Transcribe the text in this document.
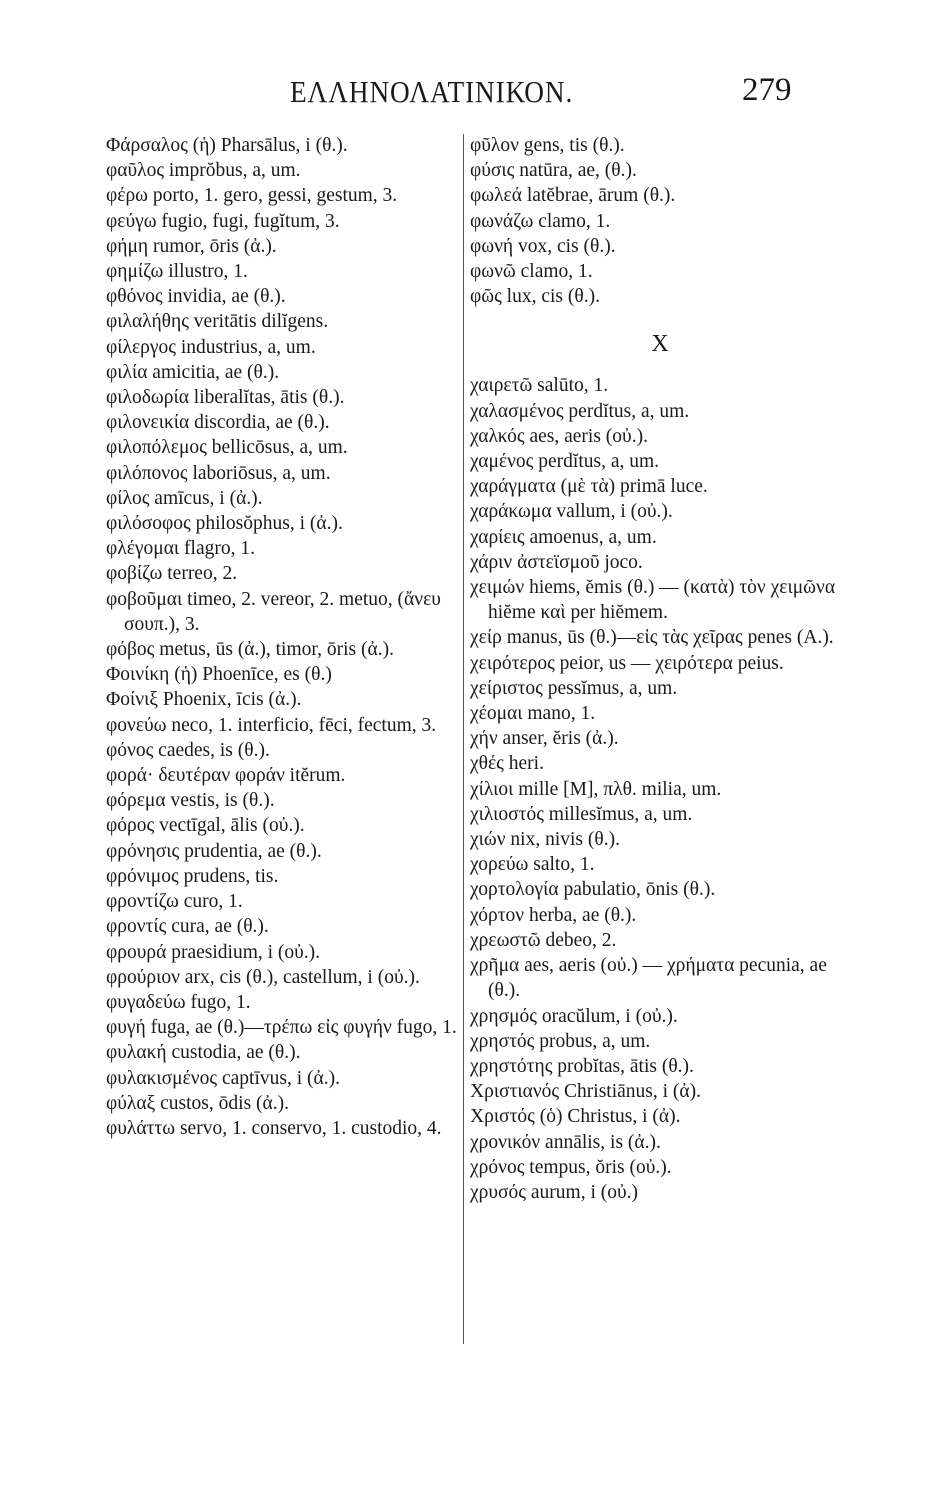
ΕΛΛΗΝΟΛΑΤΙΝΙΚΟΝ.	279
Φάρσαλος (ἡ) Pharsālus, i (θ.).
φαῦλος imprŏbus, a, um.
φέρω porto, 1. gero, gessi, gestum, 3.
φεύγω fugio, fugi, fugĭtum, 3.
φήμη rumor, ōris (ἀ.).
φημίζω illustro, 1.
φθόνος invidia, ae (θ.).
φιλαλήθης veritātis dilĭgens.
φίλεργος industrius, a, um.
φιλία amicitia, ae (θ.).
φιλοδωρία liberalĭtas, ātis (θ.).
φιλονεικία discordia, ae (θ.).
φιλοπόλεμος bellicōsus, a, um.
φιλόπονος laboriōsus, a, um.
φίλος amīcus, i (ἀ.).
φιλόσοφος philosŏphus, i (ἀ.).
φλέγομαι flagro, 1.
φοβίζω terreo, 2.
φοβοῦμαι timeo, 2. vereor, 2. metuo, (ἄνευ σουπ.), 3.
φόβος metus, ūs (ἀ.), timor, ōris (ἀ.).
Φοινίκη (ἡ) Phoenīce, es (θ.)
Φοίνιξ Phoenix, īcis (ἀ.).
φονεύω neco, 1. interficio, fēci, fectum, 3.
φόνος caedes, is (θ.).
φορά· δευτέραν φοράν itĕrum.
φόρεμα vestis, is (θ.).
φόρος vectīgal, ālis (οὐ.).
φρόνησις prudentia, ae (θ.).
φρόνιμος prudens, tis.
φροντίζω curo, 1.
φροντίς cura, ae (θ.).
φρουρά praesidium, i (οὐ.).
φρούριον arx, cis (θ.), castellum, i (οὐ.).
φυγαδεύω fugo, 1.
φυγή fuga, ae (θ.)—τρέπω εἰς φυγήν fugo, 1.
φυλακή custodia, ae (θ.).
φυλακισμένος captīvus, i (ἀ.).
φύλαξ custos, ōdis (ἀ.).
φυλάττω servo, 1. conservo, 1. custodio, 4.
φῦλον gens, tis (θ.).
φύσις natūra, ae, (θ.).
φωλεά latĕbrae, ārum (θ.).
φωνάζω clamo, 1.
φωνή vox, cis (θ.).
φωνῶ clamo, 1.
φῶς lux, cis (θ.).
X
χαιρετῶ salūto, 1.
χαλασμένος perdĭtus, a, um.
χαλκός aes, aeris (οὐ.).
χαμένος perdĭtus, a, um.
χαράγματα (μὲ τὰ) primā luce.
χαράκωμα vallum, i (οὐ.).
χαρίεις amoenus, a, um.
χάριν ἀστεϊσμοῦ joco.
χειμών hiems, ĕmis (θ.) — (κατὰ) τὸν χειμῶνα hiĕme καὶ per hiĕmem.
χείρ manus, ūs (θ.)—εἰς τὰς χεῖρας penes (Α.).
χειρότερος peior, us — χειρότερα peius.
χείριστος pessĭmus, a, um.
χέομαι mano, 1.
χήν anser, ĕris (ἀ.).
χθές heri.
χίλιοι mille [M], πλθ. milia, um.
χιλιοστός millesĭmus, a, um.
χιών nix, nivis (θ.).
χορεύω salto, 1.
χορτολογία pabulatio, ōnis (θ.).
χόρτον herba, ae (θ.).
χρεωστῶ debeo, 2.
χρῆμα aes, aeris (οὐ.) — χρήματα pecunia, ae (θ.).
χρησμός oracŭlum, i (οὐ.).
χρηστός probus, a, um.
χρηστότης probĭtas, ātis (θ.).
Χριστιανός Christiānus, i (ἀ).
Χριστός (ὁ) Christus, i (ἀ).
χρονικόν annālis, is (ἀ.).
χρόνος tempus, ŏris (οὐ.).
χρυσός aurum, i (οὐ.)
